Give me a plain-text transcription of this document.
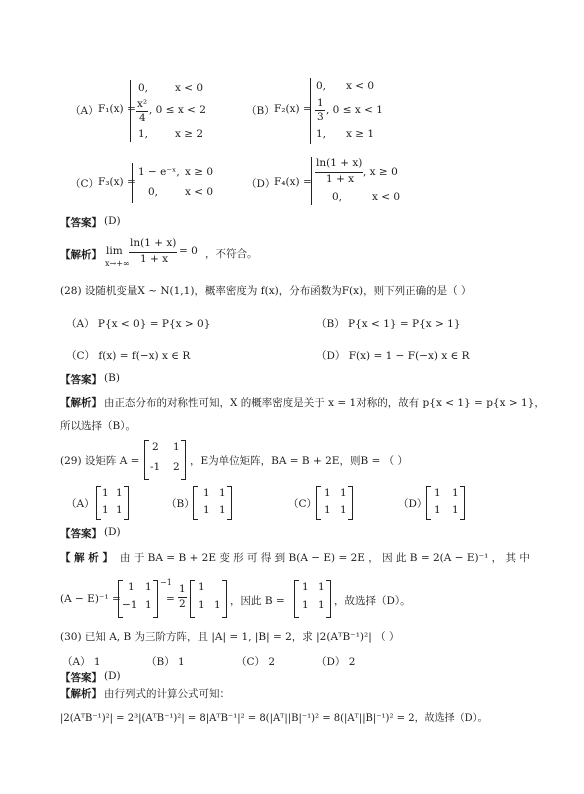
（A） F₁(x) =
0,	x < 0
x²
4
, 0 ≤ x < 2
1,	x ≥ 2
（B） F₂(x) =
0, x < 0
1
3
, 0 ≤ x < 1
1, x ≥ 1
（C）
F₃(x) =
1 − e⁻ˣ, x ≥ 0
0,	x < 0
（D）
F₄(x) =
ln(1 + x)
1 + x
, x ≥ 0
0,	x < 0
【答案】 (D)
【解析】 lim
x→+∞
ln(1 + x)
1 + x
= 0 ，不符合。
(28) 设随机变量X ~ N(1,1)，概率密度为 f(x)，分布函数为F(x)，则下列正确的是（ ）
（A） P{x < 0} = P{x > 0}	（B） P{x < 1} = P{x > 1}
（C） f(x) = f(−x) x ∈ R	（D） F(x) = 1 − F(−x) x ∈ R
【答案】 (B)
【解析】 由正态分布的对称性可知，X 的概率密度是关于 x = 1对称的，故有 p{x < 1} = p{x > 1}，
所以选择（B）。
(29) 设矩阵 A =
2 1
-1 2 ，E为单位矩阵，BA = B + 2E，则B = （ ）
（A）
1 1
1 1	（B）
1 1
1 1	（C）
1 1
1 1	（D）
1 1
1 1
【答案】 (D)
【 解 析 】 由 于 BA = B + 2E 变 形 可 得 到 B(A − E) = 2E ， 因 此 B = 2(A − E)⁻¹ ， 其 中
(A − E)⁻¹ =
1 1
−1 1
−1
=
1
2
1
1 1 ，因此 B =
1 1
1 1 ，故选择（D）。
(30) 已知 A, B 为三阶方阵，且 |A| = 1, |B| = 2，求 |2(AᵀB⁻¹)²| （ ）
（A） 1	（B） 1	（C） 2	（D） 2
【答案】 (D)
【解析】 由行列式的计算公式可知：
|2(AᵀB⁻¹)²| = 2³|(AᵀB⁻¹)²| = 8|AᵀB⁻¹|² = 8(|Aᵀ||B|⁻¹)² = 8(|Aᵀ||B|⁻¹)² = 2，故选择（D）。
